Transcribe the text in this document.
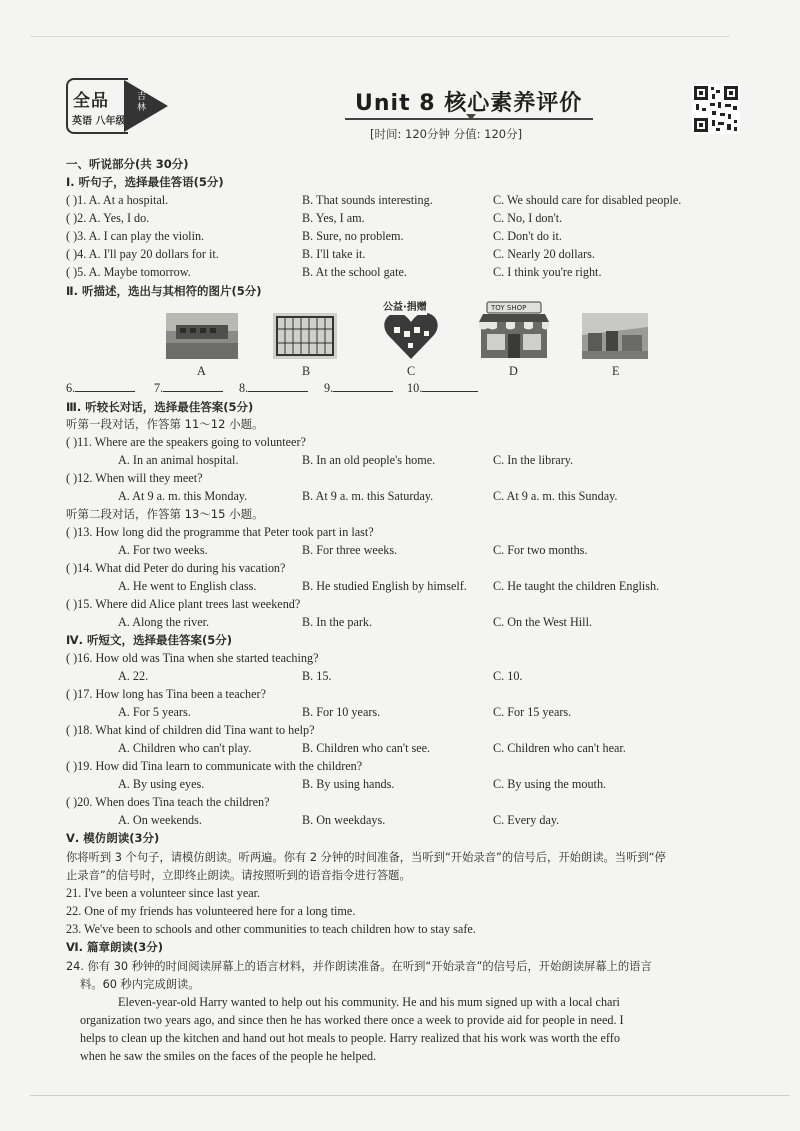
全品
英语 八年级
吉林	Unit 8 核心素养评价
[时间: 120分钟 分值: 120分]
一、听说部分(共 30分)
Ⅰ. 听句子，选择最佳答语(5分)
( )1. A. At a hospital.	B. That sounds interesting.	C. We should care for disabled people.
( )2. A. Yes, I do.	B. Yes, I am.	C. No, I don't.
( )3. A. I can play the violin.	B. Sure, no problem.	C. Don't do it.
( )4. A. I'll pay 20 dollars for it.	B. I'll take it.	C. Nearly 20 dollars.
( )5. A. Maybe tomorrow.	B. At the school gate.	C. I think you're right.
Ⅱ. 听描述，选出与其相符的图片(5分)
公益·捐赠	TOY SHOP
A	B	C	D	E
6.	7.	8.	9.	10.
Ⅲ. 听较长对话，选择最佳答案(5分)
听第一段对话，作答第 11～12 小题。
( )11. Where are the speakers going to volunteer?
A. In an animal hospital.	B. In an old people's home.	C. In the library.
( )12. When will they meet?
A. At 9 a. m. this Monday.	B. At 9 a. m. this Saturday.	C. At 9 a. m. this Sunday.
听第二段对话，作答第 13～15 小题。
( )13. How long did the programme that Peter took part in last?
A. For two weeks.	B. For three weeks.	C. For two months.
( )14. What did Peter do during his vacation?
A. He went to English class.	B. He studied English by himself. C. He taught the children English.
( )15. Where did Alice plant trees last weekend?
A. Along the river.	B. In the park.	C. On the West Hill.
Ⅳ. 听短文，选择最佳答案(5分)
( )16. How old was Tina when she started teaching?
A. 22.	B. 15.	C. 10.
( )17. How long has Tina been a teacher?
A. For 5 years.	B. For 10 years.	C. For 15 years.
( )18. What kind of children did Tina want to help?
A. Children who can't play.	B. Children who can't see.	C. Children who can't hear.
( )19. How did Tina learn to communicate with the children?
A. By using eyes.	B. By using hands.	C. By using the mouth.
( )20. When does Tina teach the children?
A. On weekends.	B. On weekdays.	C. Every day.
Ⅴ. 模仿朗读(3分)
你将听到 3 个句子，请模仿朗读。听两遍。你有 2 分钟的时间准备，当听到“开始录音”的信号后，开始朗读。当听到“停
止录音”的信号时，立即终止朗读。请按照听到的语音指令进行答题。
21. I've been a volunteer since last year.
22. One of my friends has volunteered here for a long time.
23. We've been to schools and other communities to teach children how to stay safe.
Ⅵ. 篇章朗读(3分)
24. 你有 30 秒钟的时间阅读屏幕上的语言材料，并作朗读准备。在听到“开始录音”的信号后，开始朗读屏幕上的语言
料。60 秒内完成朗读。
Eleven-year-old Harry wanted to help out his community. He and his mum signed up with a local chari
organization two years ago, and since then he has worked there once a week to provide aid for people in need. I
helps to clean up the kitchen and hand out hot meals to people. Harry realized that his work was worth the effo
when he saw the smiles on the faces of the people he helped.
